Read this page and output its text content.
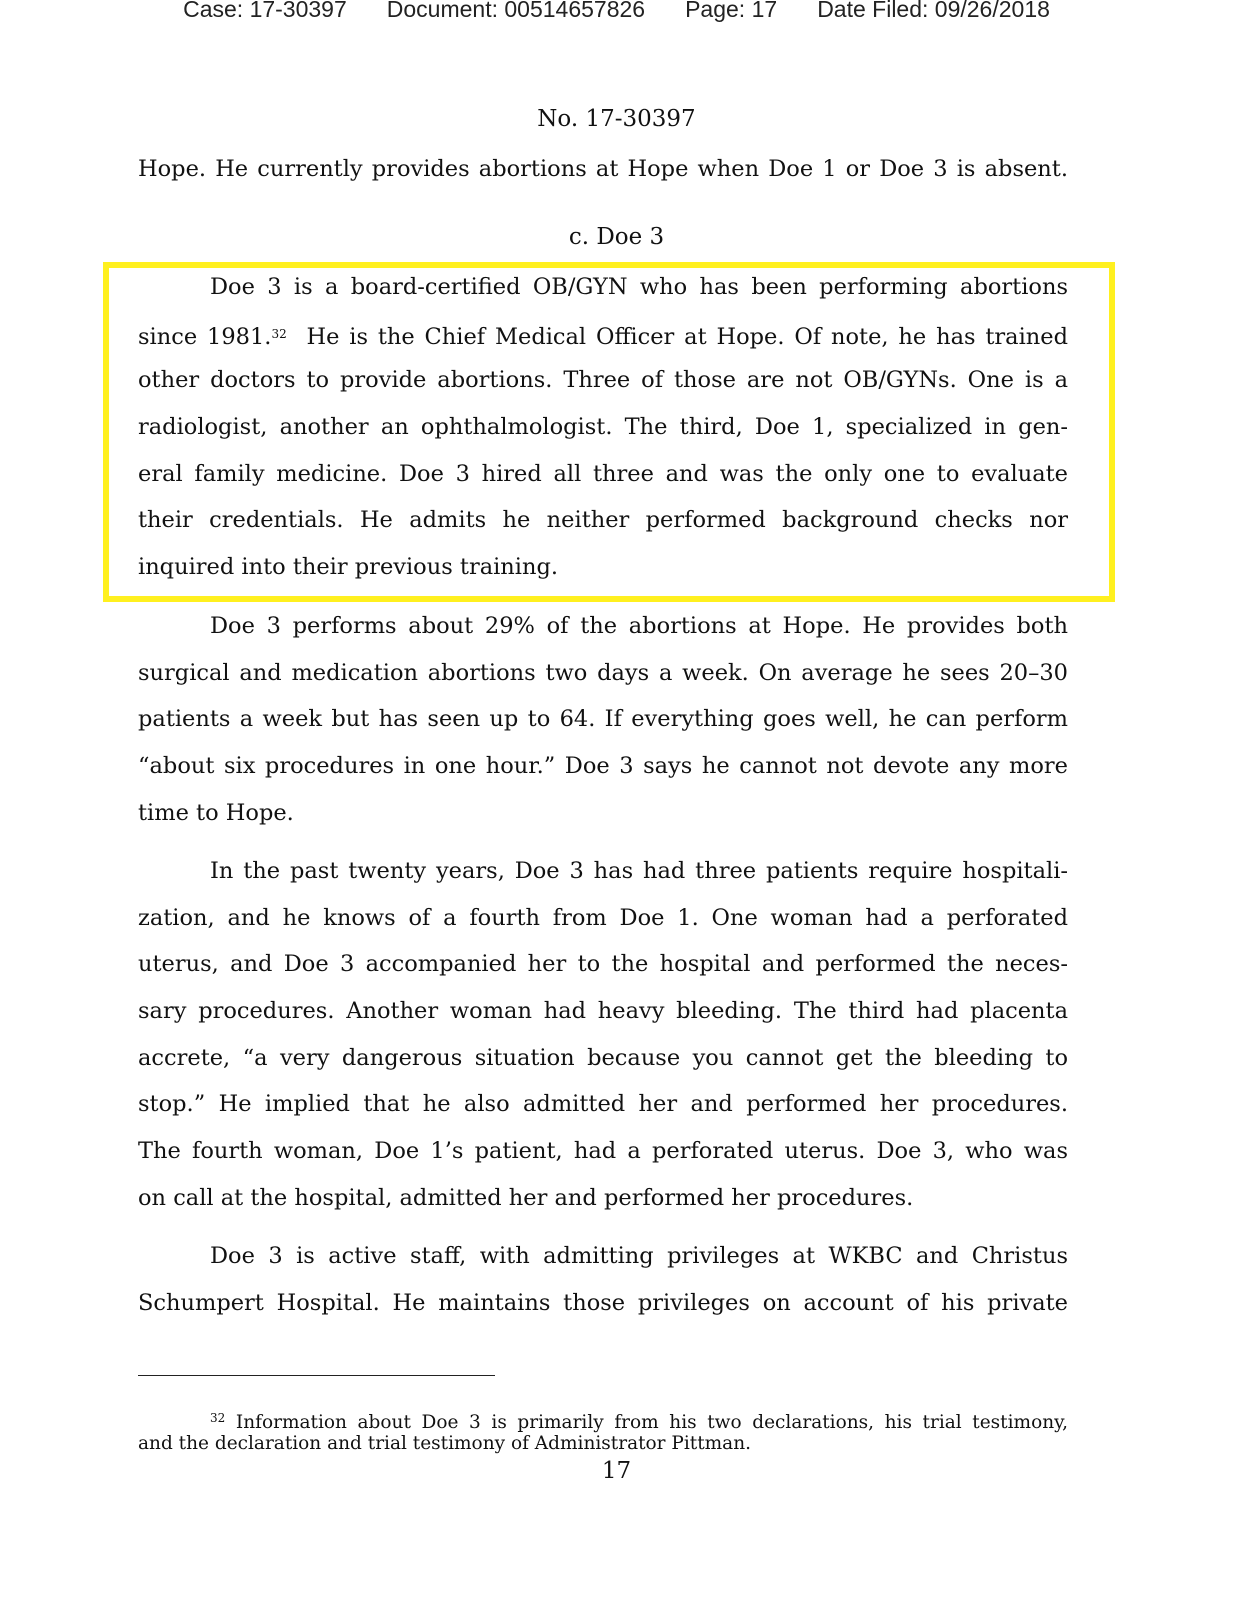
Case: 17-30397 Document: 00514657826 Page: 17 Date Filed: 09/26/2018
No. 17-30397
Hope. He currently provides abortions at Hope when Doe 1 or Doe 3 is absent.
c. Doe 3
Doe 3 is a board-certified OB/GYN who has been performing abortions
since 1981.32 He is the Chief Medical Officer at Hope. Of note, he has trained
other doctors to provide abortions. Three of those are not OB/GYNs. One is a
radiologist, another an ophthalmologist. The third, Doe 1, specialized in gen-
eral family medicine. Doe 3 hired all three and was the only one to evaluate
their credentials. He admits he neither performed background checks nor
inquired into their previous training.
Doe 3 performs about 29% of the abortions at Hope. He provides both
surgical and medication abortions two days a week. On average he sees 20–30
patients a week but has seen up to 64. If everything goes well, he can perform
“about six procedures in one hour.” Doe 3 says he cannot not devote any more
time to Hope.
In the past twenty years, Doe 3 has had three patients require hospitali-
zation, and he knows of a fourth from Doe 1. One woman had a perforated
uterus, and Doe 3 accompanied her to the hospital and performed the neces-
sary procedures. Another woman had heavy bleeding. The third had placenta
accrete, “a very dangerous situation because you cannot get the bleeding to
stop.” He implied that he also admitted her and performed her procedures.
The fourth woman, Doe 1’s patient, had a perforated uterus. Doe 3, who was
on call at the hospital, admitted her and performed her procedures.
Doe 3 is active staff, with admitting privileges at WKBC and Christus
Schumpert Hospital. He maintains those privileges on account of his private
$^{32}$ Information about Doe 3 is primarily from his two declarations, his trial testimony,
and the declaration and trial testimony of Administrator Pittman.
17
